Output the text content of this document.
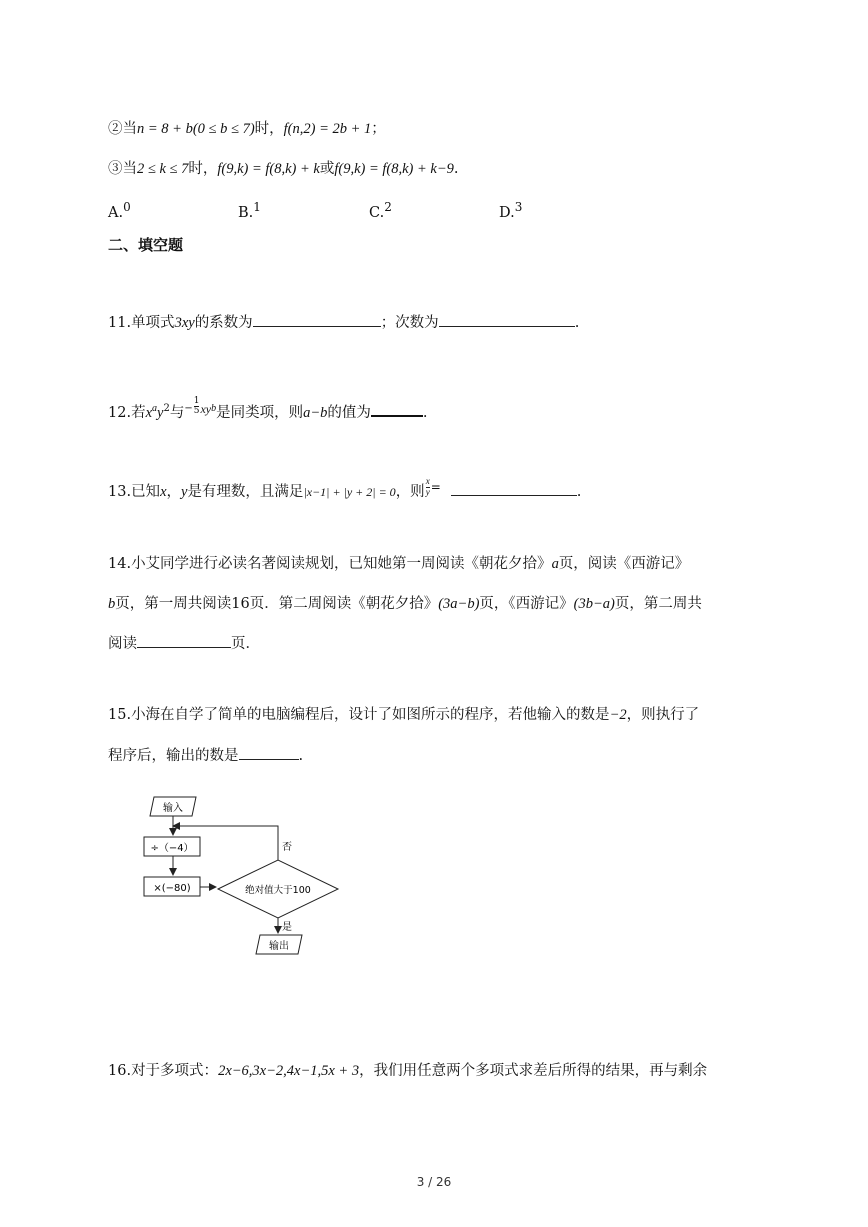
②当n = 8 + b(0 ≤ b ≤ 7)时，f(n,2) = 2b + 1；
③当2 ≤ k ≤ 7时，f(9,k) = f(8,k) + k或f(9,k) = f(8,k) + k−9.
A.$^0$	B.$^1$	C.$^2$	D.$^3$
二、填空题
11.单项式3xy的系数为	；次数为	.
12.若$x^ay^2$与$^- \frac{1}{5} ^{xyb}$是同类项，则a−b的值为	.
13.已知x，y是有理数，且满足|x−1| + |y + 2| = 0，则$\frac{x}{y} ^=$	.
14.小艾同学进行必读名著阅读规划，已知她第一周阅读《朝花夕拾》a页，阅读《西游记》
b页，第一周共阅读16页．第二周阅读《朝花夕拾》(3a−b)页，《西游记》(3b−a)页，第二周共
阅读	页．
15.小海在自学了简单的电脑编程后，设计了如图所示的程序，若他输入的数是−2，则执行了
程序后，输出的数是	.
输入
÷（−4）
×(−80)	绝对值大于100
否
是
输出
16.对于多项式：2x−6,3x−2,4x−1,5x + 3，我们用任意两个多项式求差后所得的结果，再与剩余
3 / 26
